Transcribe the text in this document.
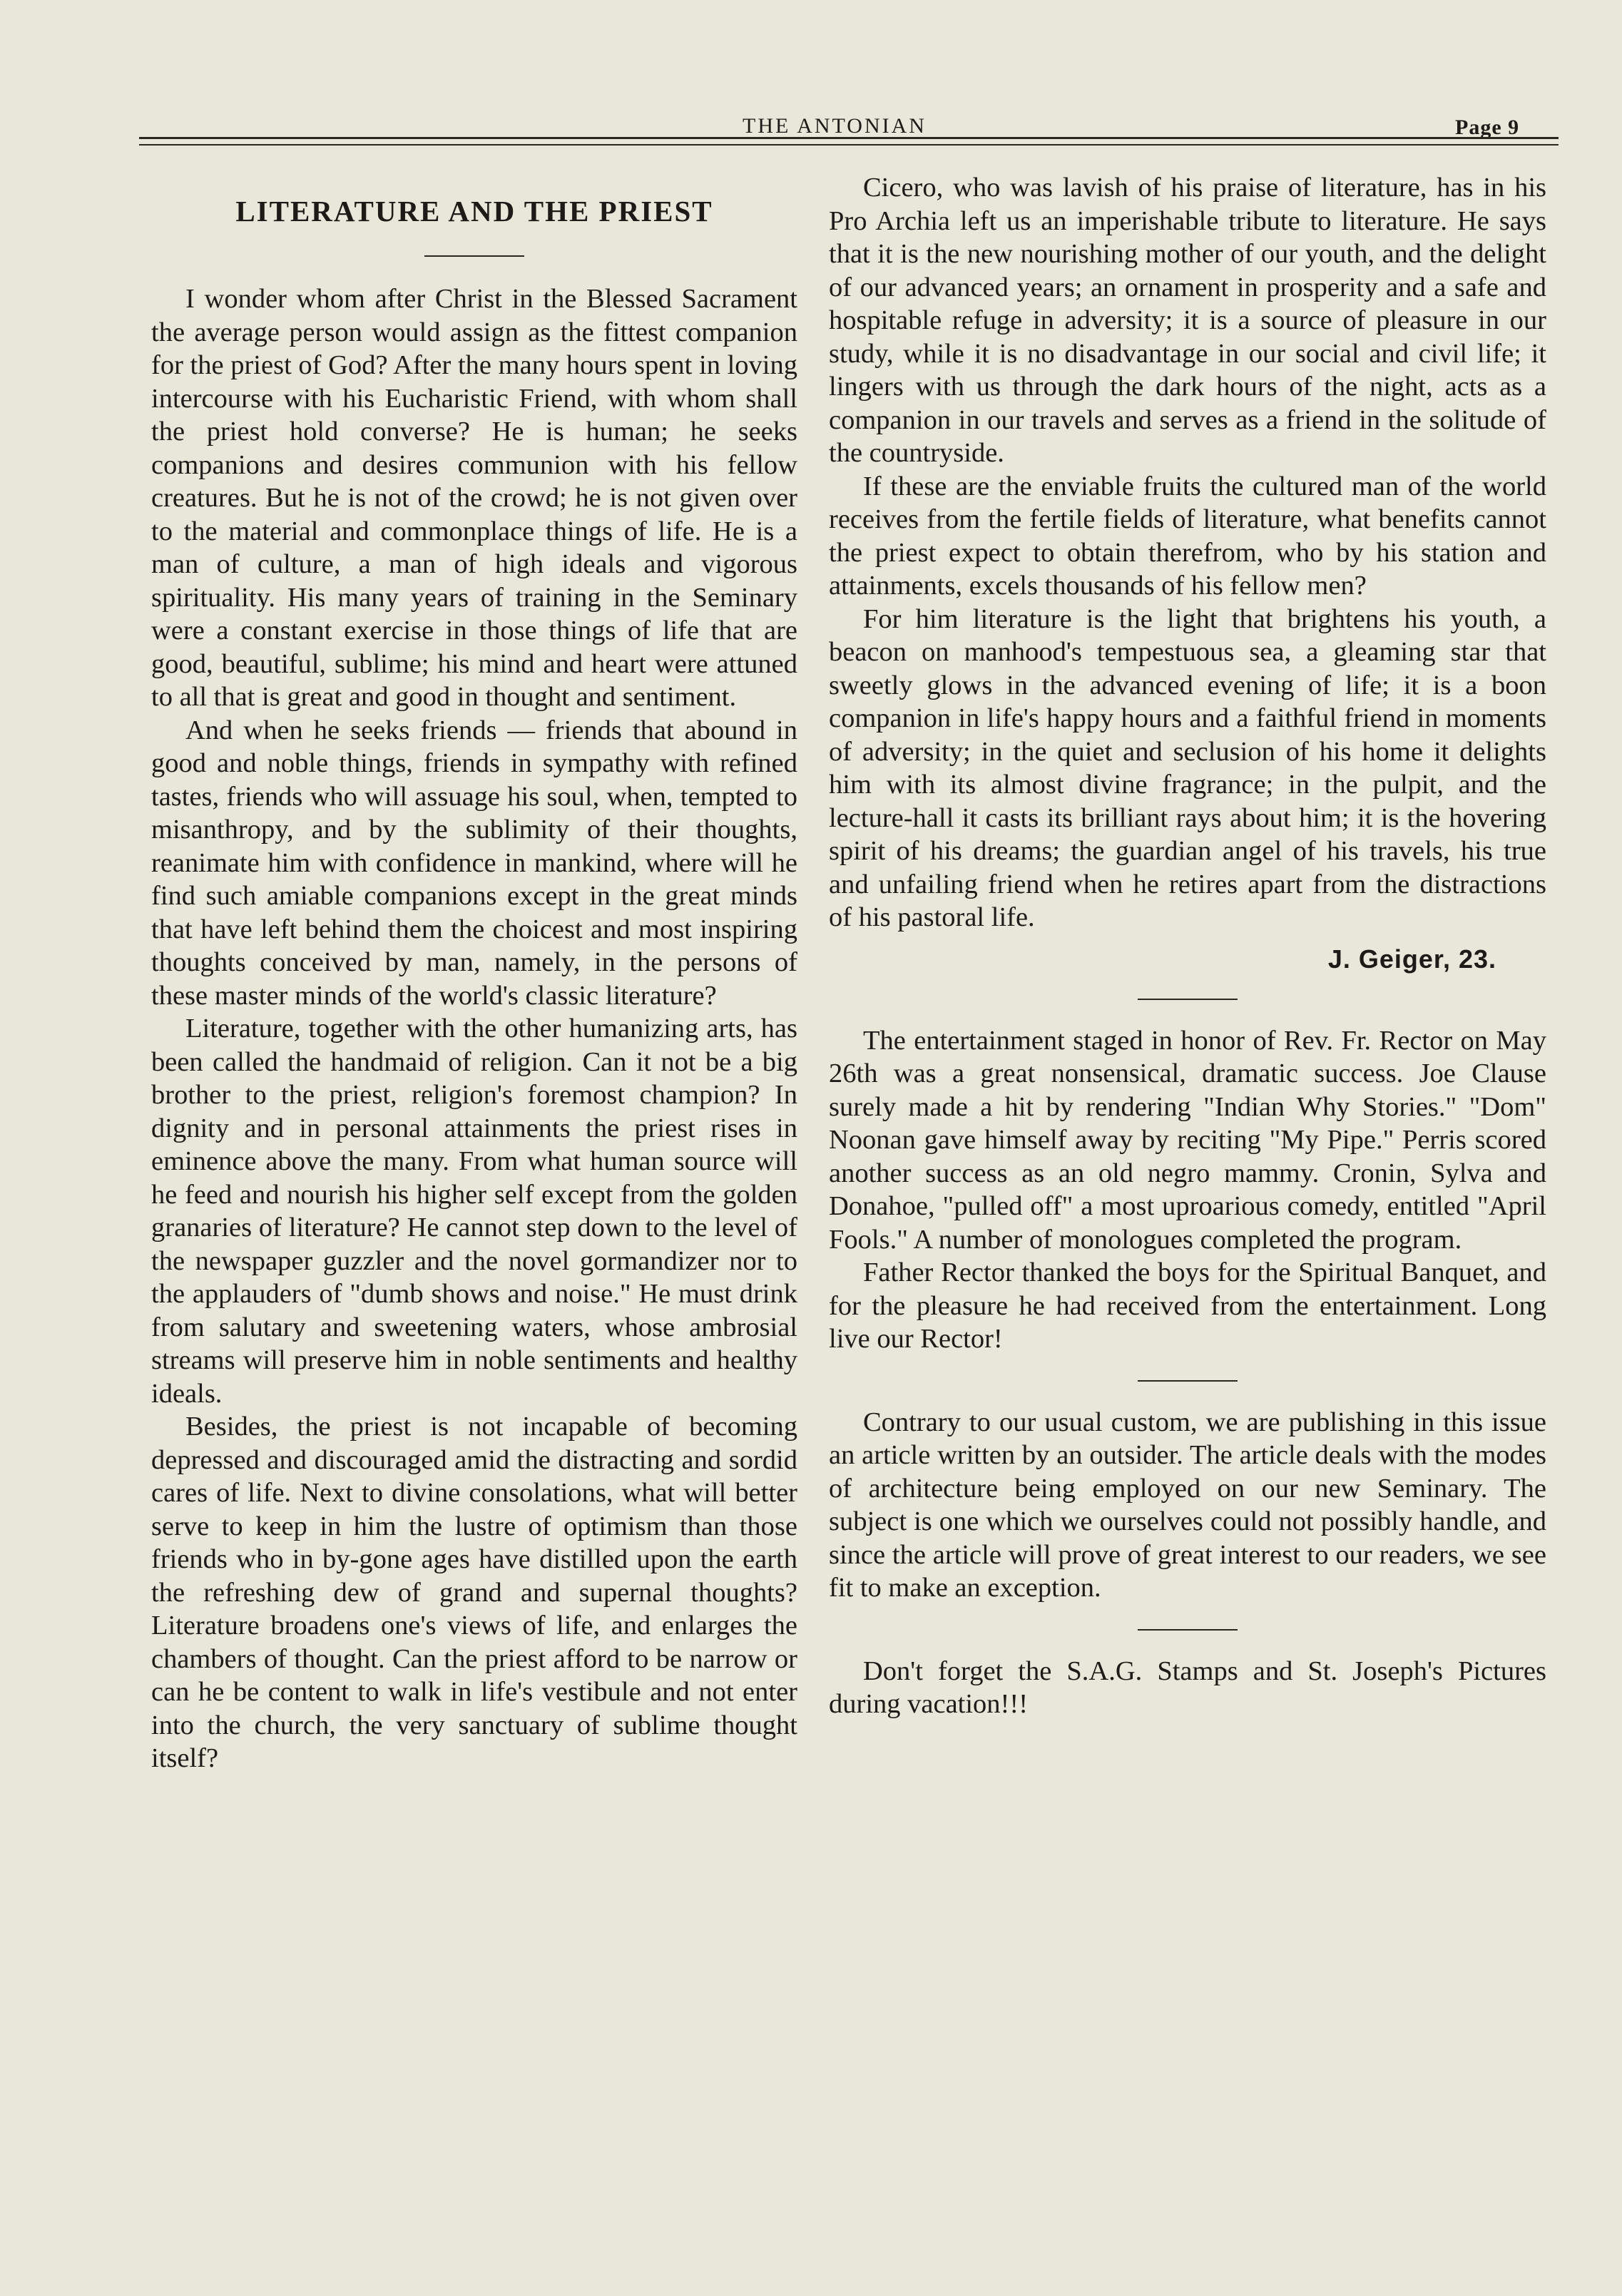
THE ANTONIAN	Page 9
LITERATURE AND THE PRIEST

I wonder whom after Christ in the Blessed Sacrament the average person would assign as the fittest companion for the priest of God? After the many hours spent in loving intercourse with his Eucharistic Friend, with whom shall the priest hold converse? He is human; he seeks companions and desires communion with his fellow creatures. But he is not of the crowd; he is not given over to the material and commonplace things of life. He is a man of culture, a man of high ideals and vigorous spirituality. His many years of training in the Seminary were a constant exercise in those things of life that are good, beautiful, sublime; his mind and heart were attuned to all that is great and good in thought and sentiment.

And when he seeks friends — friends that abound in good and noble things, friends in sympathy with refined tastes, friends who will assuage his soul, when, tempted to misanthropy, and by the sublimity of their thoughts, reanimate him with confidence in mankind, where will he find such amiable companions except in the great minds that have left behind them the choicest and most inspiring thoughts conceived by man, namely, in the persons of these master minds of the world's classic literature?

Literature, together with the other humanizing arts, has been called the handmaid of religion. Can it not be a big brother to the priest, religion's foremost champion? In dignity and in personal attainments the priest rises in eminence above the many. From what human source will he feed and nourish his higher self except from the golden granaries of literature? He cannot step down to the level of the newspaper guzzler and the novel gormandizer nor to the applauders of "dumb shows and noise." He must drink from salutary and sweetening waters, whose ambrosial streams will preserve him in noble sentiments and healthy ideals.

Besides, the priest is not incapable of becoming depressed and discouraged amid the distracting and sordid cares of life. Next to divine consolations, what will better serve to keep in him the lustre of optimism than those friends who in by-gone ages have distilled upon the earth the refreshing dew of grand and supernal thoughts? Literature broadens one's views of life, and enlarges the chambers of thought. Can the priest afford to be narrow or can he be content to walk in life's vestibule and not enter into the church, the very sanctuary of sublime thought itself?

Cicero, who was lavish of his praise of literature, has in his Pro Archia left us an imperishable tribute to literature. He says that it is the new nourishing mother of our youth, and the delight of our advanced years; an ornament in prosperity and a safe and hospitable refuge in adversity; it is a source of pleasure in our study, while it is no disadvantage in our social and civil life; it lingers with us through the dark hours of the night, acts as a companion in our travels and serves as a friend in the solitude of the countryside.

If these are the enviable fruits the cultured man of the world receives from the fertile fields of literature, what benefits cannot the priest expect to obtain therefrom, who by his station and attainments, excels thousands of his fellow men?

For him literature is the light that brightens his youth, a beacon on manhood's tempestuous sea, a gleaming star that sweetly glows in the advanced evening of life; it is a boon companion in life's happy hours and a faithful friend in moments of adversity; in the quiet and seclusion of his home it delights him with its almost divine fragrance; in the pulpit, and the lecture-hall it casts its brilliant rays about him; it is the hovering spirit of his dreams; the guardian angel of his travels, his true and unfailing friend when he retires apart from the distractions of his pastoral life.

J. Geiger, 23.

The entertainment staged in honor of Rev. Fr. Rector on May 26th was a great nonsensical, dramatic success. Joe Clause surely made a hit by rendering "Indian Why Stories." "Dom" Noonan gave himself away by reciting "My Pipe." Perris scored another success as an old negro mammy. Cronin, Sylva and Donahoe, "pulled off" a most uproarious comedy, entitled "April Fools." A number of monologues completed the program.

Father Rector thanked the boys for the Spiritual Banquet, and for the pleasure he had received from the entertainment. Long live our Rector!

Contrary to our usual custom, we are publishing in this issue an article written by an outsider. The article deals with the modes of architecture being employed on our new Seminary. The subject is one which we ourselves could not possibly handle, and since the article will prove of great interest to our readers, we see fit to make an exception.

Don't forget the S.A.G. Stamps and St. Joseph's Pictures during vacation!!!
